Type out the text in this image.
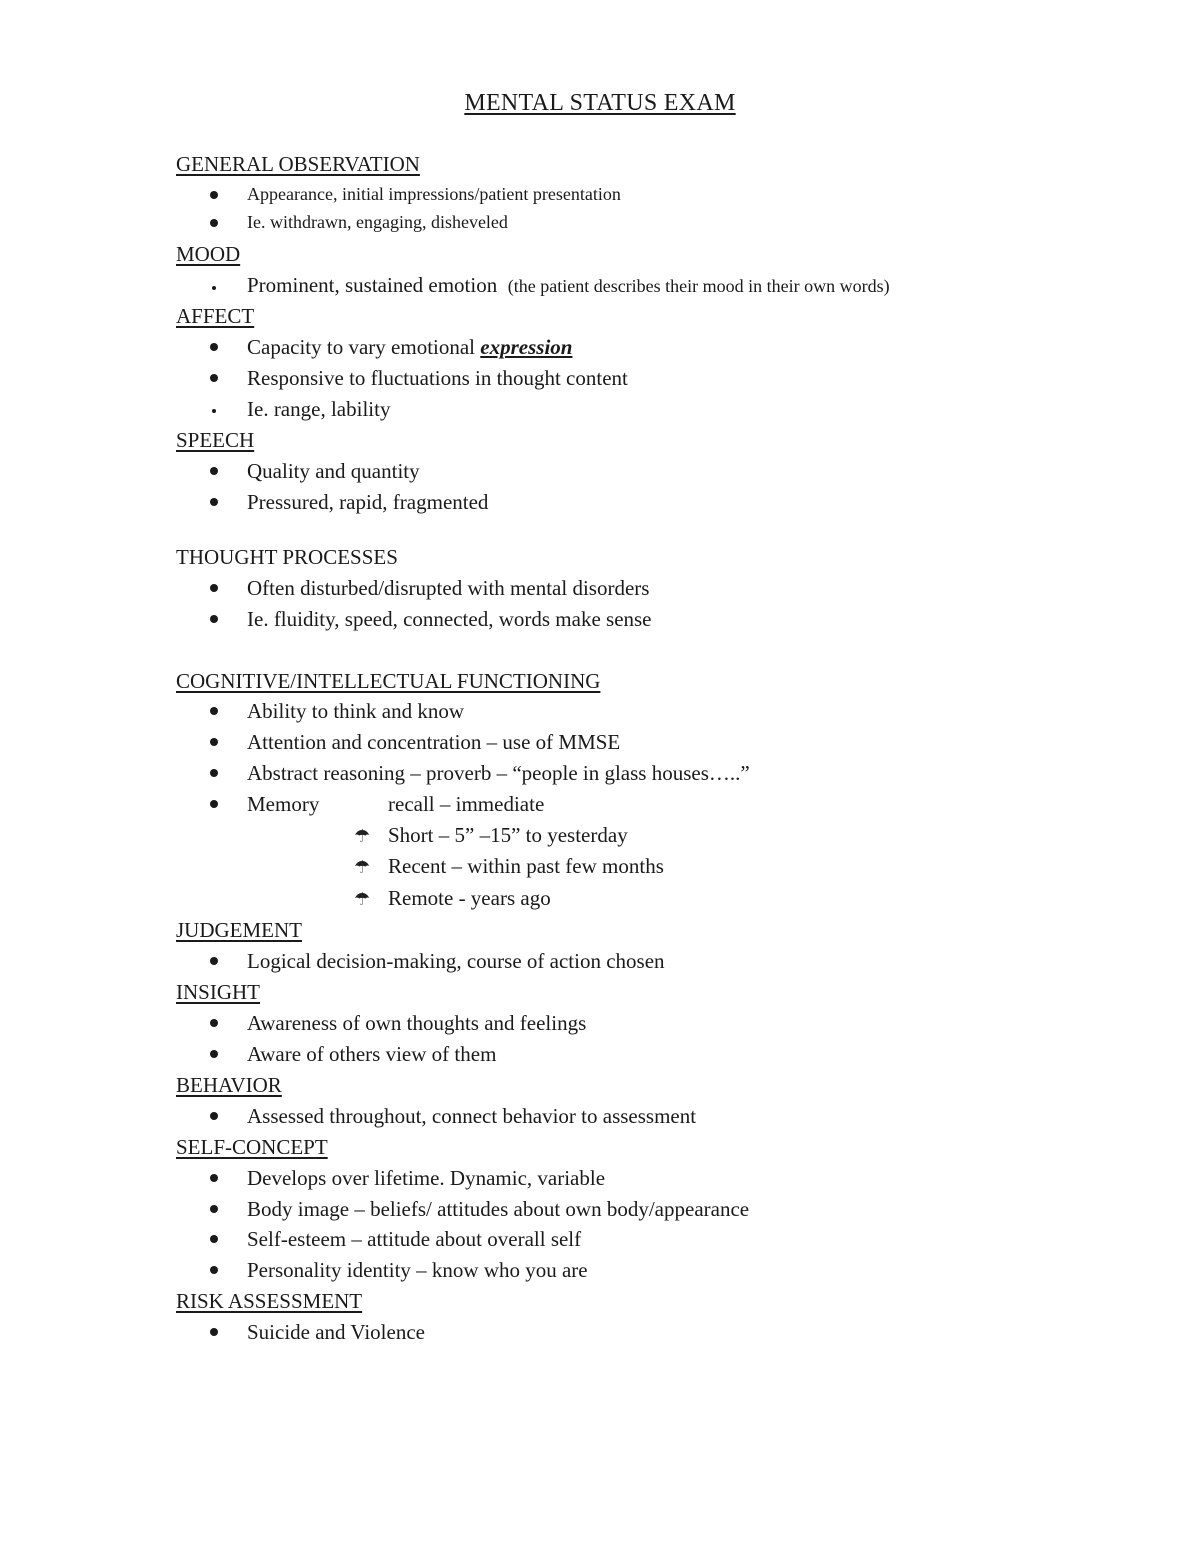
MENTAL STATUS EXAM
GENERAL OBSERVATION
Appearance, initial impressions/patient presentation
Ie. withdrawn, engaging, disheveled
MOOD
Prominent, sustained emotion (the patient describes their mood in their own words)
AFFECT
Capacity to vary emotional expression
Responsive to fluctuations in thought content
Ie. range, lability
SPEECH
Quality and quantity
Pressured, rapid, fragmented
THOUGHT PROCESSES
Often disturbed/disrupted with mental disorders
Ie. fluidity, speed, connected, words make sense
COGNITIVE/INTELLECTUAL FUNCTIONING
Ability to think and know
Attention and concentration – use of MMSE
Abstract reasoning – proverb – “people in glass houses…..”
Memory	recall – immediate
☂ Short – 5” –15” to yesterday
☂ Recent – within past few months
☂ Remote - years ago
JUDGEMENT
Logical decision-making, course of action chosen
INSIGHT
Awareness of own thoughts and feelings
Aware of others view of them
BEHAVIOR
Assessed throughout, connect behavior to assessment
SELF-CONCEPT
Develops over lifetime. Dynamic, variable
Body image – beliefs/ attitudes about own body/appearance
Self-esteem – attitude about overall self
Personality identity – know who you are
RISK ASSESSMENT
Suicide and Violence
